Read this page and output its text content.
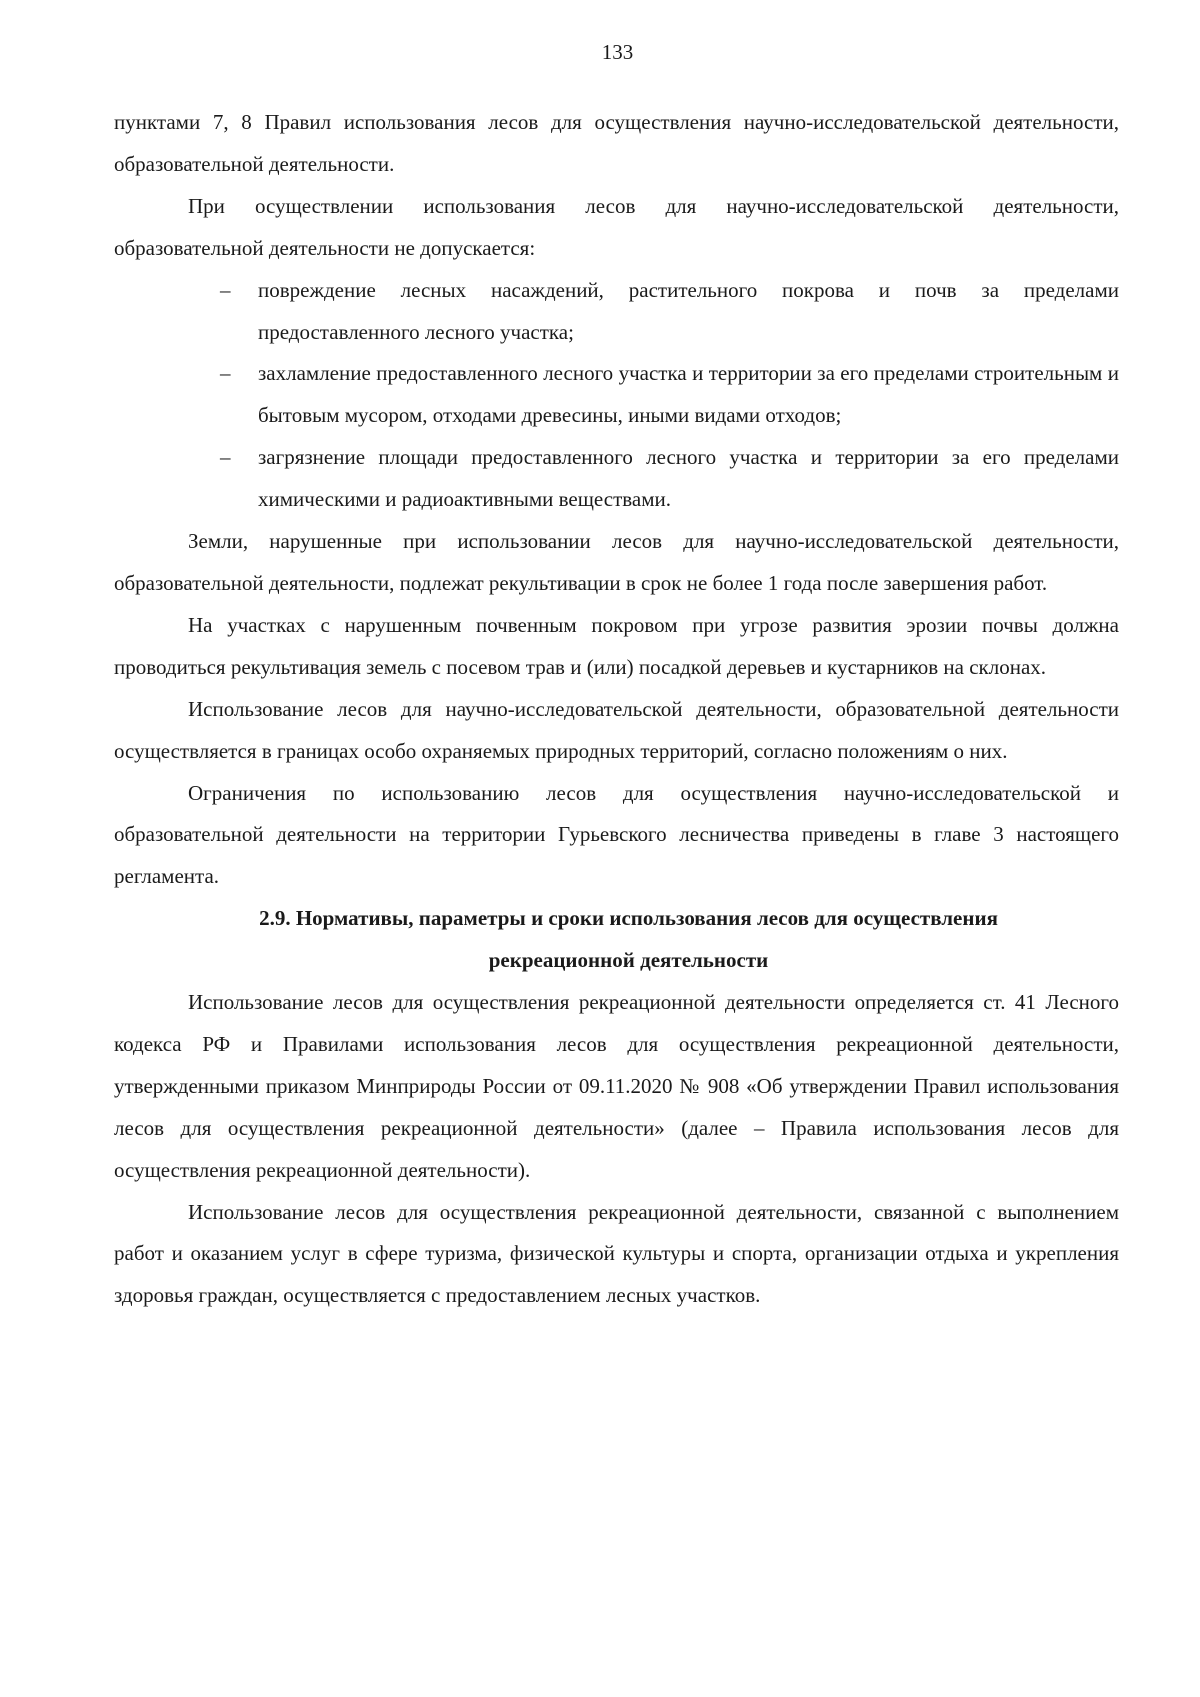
133

пунктами 7, 8 Правил использования лесов для осуществления научно-исследовательской деятельности, образовательной деятельности.

При осуществлении использования лесов для научно-исследовательской деятельности, образовательной деятельности не допускается:

– повреждение лесных насаждений, растительного покрова и почв за пределами предоставленного лесного участка;
– захламление предоставленного лесного участка и территории за его пределами строительным и бытовым мусором, отходами древесины, иными видами отходов;
– загрязнение площади предоставленного лесного участка и территории за его пределами химическими и радиоактивными веществами.

Земли, нарушенные при использовании лесов для научно-исследовательской деятельности, образовательной деятельности, подлежат рекультивации в срок не более 1 года после завершения работ.

На участках с нарушенным почвенным покровом при угрозе развития эрозии почвы должна проводиться рекультивация земель с посевом трав и (или) посадкой деревьев и кустарников на склонах.

Использование лесов для научно-исследовательской деятельности, образовательной деятельности осуществляется в границах особо охраняемых природных территорий, согласно положениям о них.

Ограничения по использованию лесов для осуществления научно-исследовательской и образовательной деятельности на территории Гурьевского лесничества приведены в главе 3 настоящего регламента.

2.9. Нормативы, параметры и сроки использования лесов для осуществления
рекреационной деятельности

Использование лесов для осуществления рекреационной деятельности определяется ст. 41 Лесного кодекса РФ и Правилами использования лесов для осуществления рекреационной деятельности, утвержденными приказом Минприроды России от 09.11.2020 № 908 «Об утверждении Правил использования лесов для осуществления рекреационной деятельности» (далее – Правила использования лесов для осуществления рекреационной деятельности).

Использование лесов для осуществления рекреационной деятельности, связанной с выполнением работ и оказанием услуг в сфере туризма, физической культуры и спорта, организации отдыха и укрепления здоровья граждан, осуществляется с предоставлением лесных участков.
